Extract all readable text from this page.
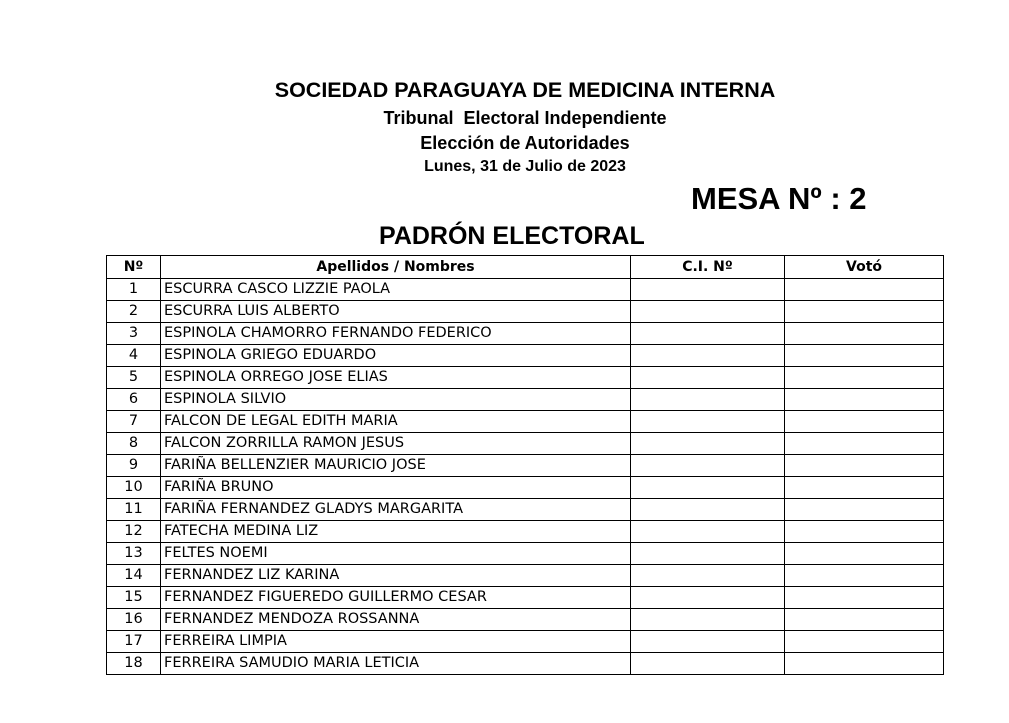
SOCIEDAD PARAGUAYA DE MEDICINA INTERNA
Tribunal  Electoral Independiente
Elección de Autoridades
Lunes, 31 de Julio de 2023
MESA Nº : 2
PADRÓN ELECTORAL
Nº	Apellidos / Nombres	C.I. Nº	Votó
1	ESCURRA CASCO LIZZIE PAOLA		
2	ESCURRA LUIS ALBERTO		
3	ESPINOLA CHAMORRO FERNANDO FEDERICO		
4	ESPINOLA GRIEGO EDUARDO		
5	ESPINOLA ORREGO JOSE ELIAS		
6	ESPINOLA SILVIO		
7	FALCON DE LEGAL EDITH MARIA		
8	FALCON ZORRILLA RAMON JESUS		
9	FARIÑA BELLENZIER MAURICIO JOSE		
10	FARIÑA BRUNO		
11	FARIÑA FERNANDEZ GLADYS MARGARITA		
12	FATECHA MEDINA LIZ		
13	FELTES NOEMI		
14	FERNANDEZ LIZ KARINA		
15	FERNANDEZ FIGUEREDO GUILLERMO CESAR		
16	FERNANDEZ MENDOZA ROSSANNA		
17	FERREIRA LIMPIA		
18	FERREIRA SAMUDIO MARIA LETICIA		
